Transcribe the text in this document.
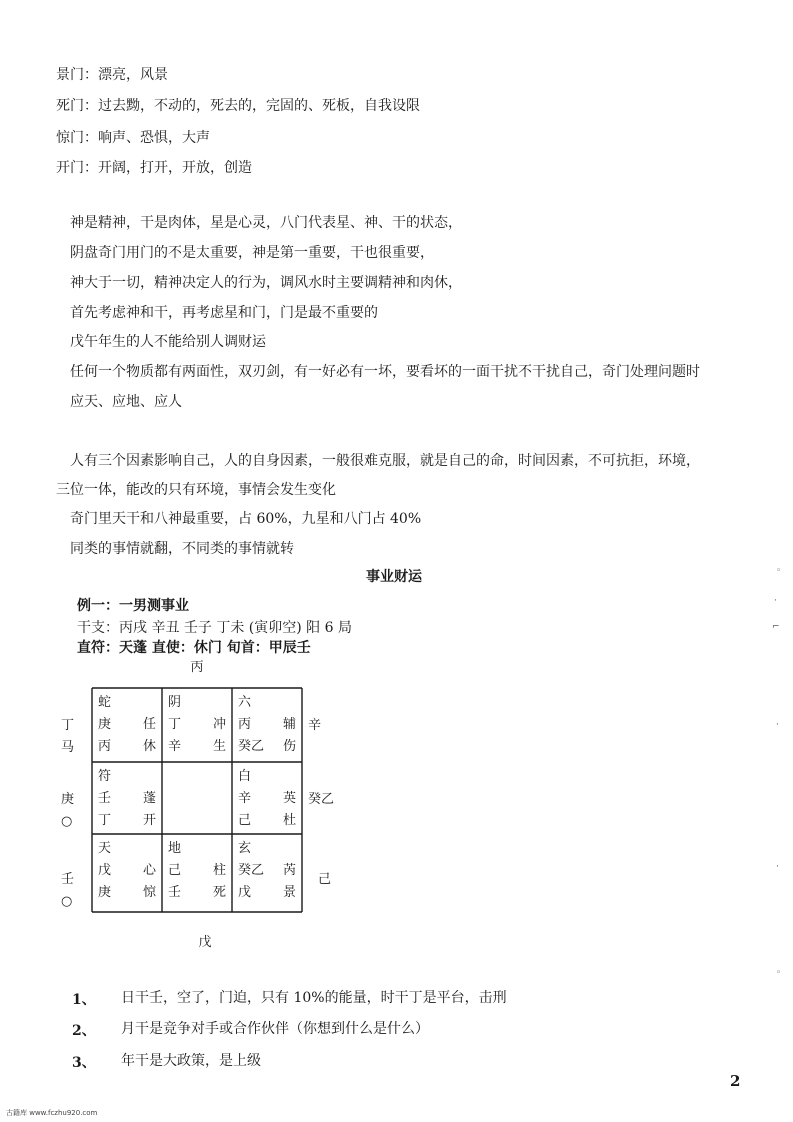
景门：漂亮，风景
死门：过去黝，不动的，死去的，完固的、死板，自我设限
惊门：响声、恐惧，大声
开门：开阔，打开，开放，创造
神是精神，干是肉体，星是心灵，八门代表星、神、干的状态，
阴盘奇门用门的不是太重要，神是第一重要，干也很重要，
神大于一切，精神决定人的行为，调风水时主要调精神和肉休，
首先考虑神和干，再考虑星和门，门是最不重要的
戊午年生的人不能给别人调财运
任何一个物质都有两面性，双刃剑，有一好必有一坏，要看坏的一面干扰不干扰自己，奇门处理问题时
应天、应地、应人
人有三个因素影响自己，人的自身因素，一般很难克服，就是自己的命，时间因素，不可抗拒，环境，
三位一体，能改的只有环境，事情会发生变化
奇门里天干和八神最重要，占 60%，九星和八门占 40%
同类的事情就翻，不同类的事情就转
事业财运
例一：一男测事业
干支：丙戌 辛丑 壬子 丁未 (寅卯空) 阳 6 局
直符：天蓬 直使：休门 旬首：甲辰壬
蛇
庚 任
丙 休
阴
丁 冲
辛 生
六
丙 辅
癸乙 伤
符
壬 蓬
丁 开
白
辛 英
己 杜
天
戊 心
庚 惊
地
己 柱
壬 死
玄
癸乙 芮
戊 景
丙
戊
丁
马
庚
○
壬
○
辛
癸乙
己
1、 日干壬，空了，门迫，只有 10%的能量，时干丁是平台，击刑
2、 月干是竞争对手或合作伙伴（你想到什么是什么）
3、 年干是大政策，是上级
2
古籍库 www.fczhu920.com
◦
·
⌐
·
·
◦
